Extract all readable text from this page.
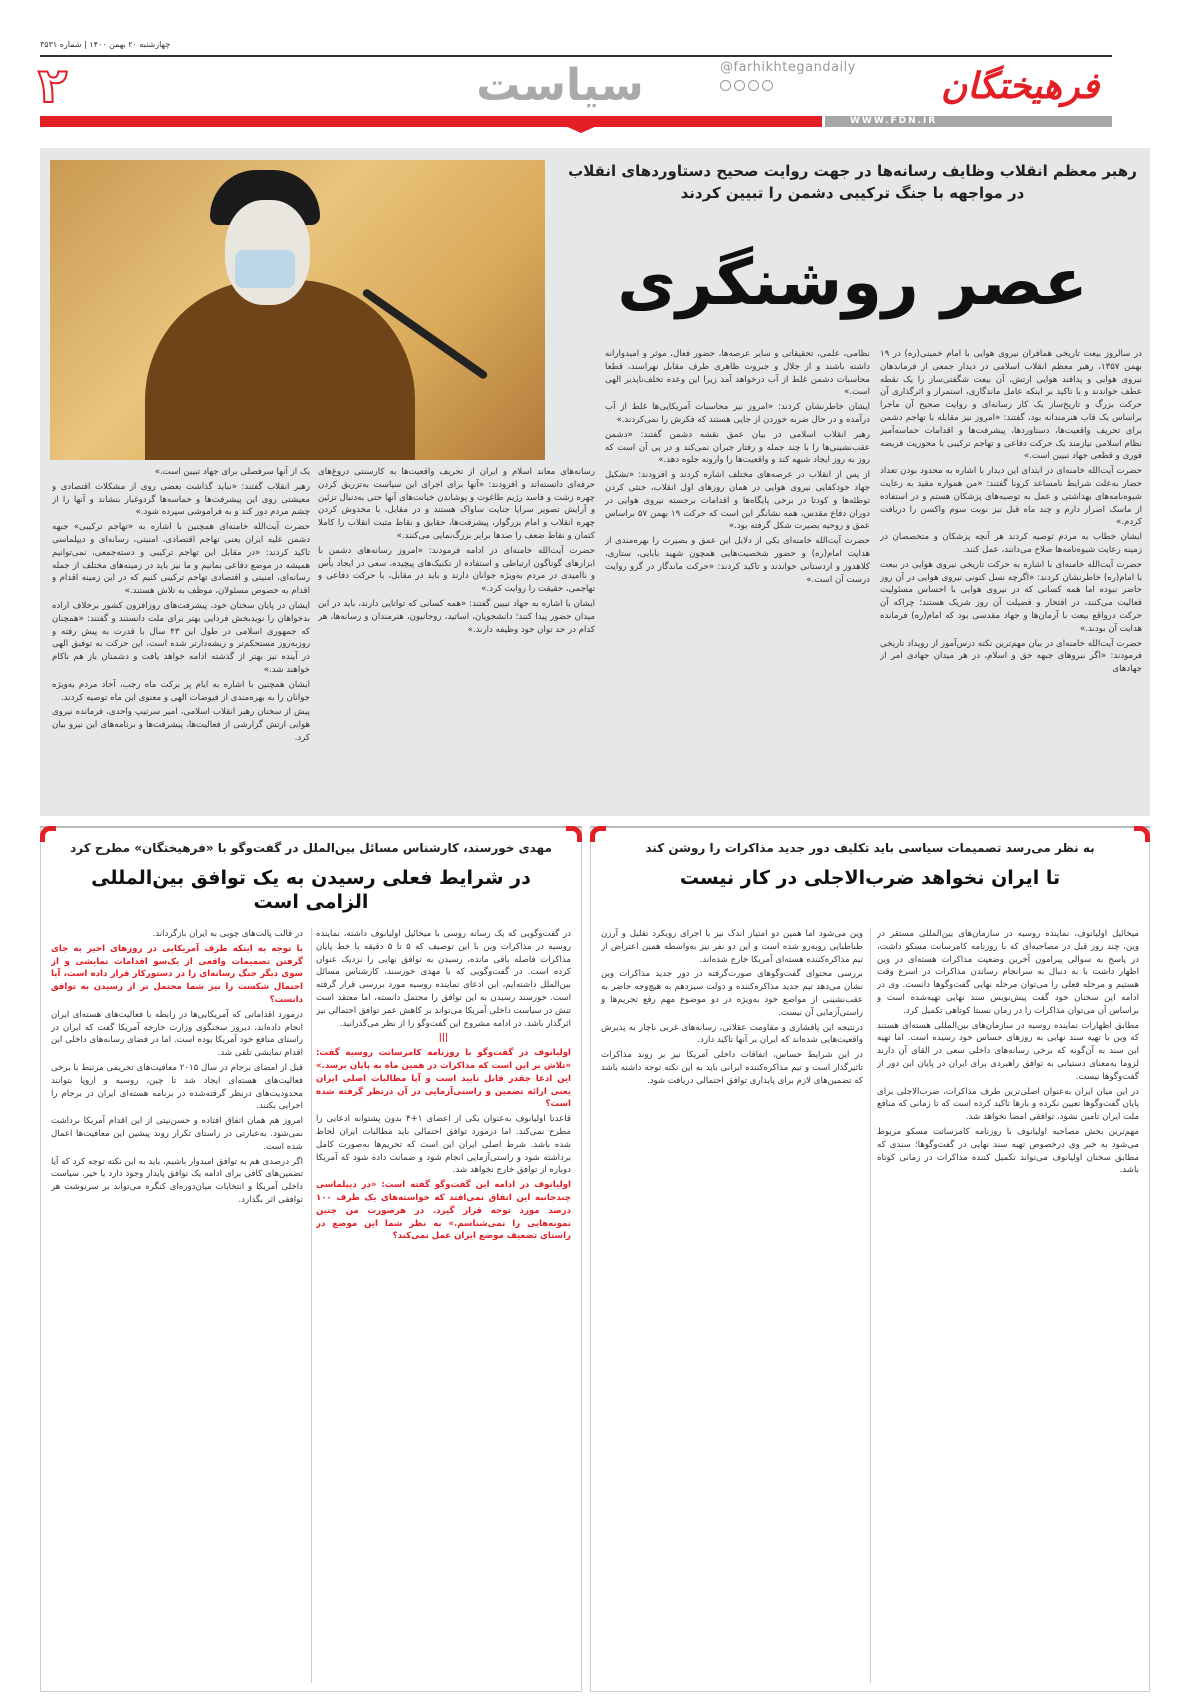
چهارشنبه ۲۰ بهمن ۱۴۰۰ | شماره ۳۵۳۱
فرهیختگان
@farhikhtegandaily
سیاست
۲
WWW.FDN.IR
رهبر معظم انقلاب وظایف رسانه‌ها در جهت روایت صحیح دستاوردهای انقلاب در مواجهه با جنگ ترکیبی دشمن را تبیین کردند
عصر روشنگری

در سالروز بیعت تاریخی همافران نیروی هوایی با امام خمینی(ره) در ۱۹ بهمن ۱۳۵۷، رهبر معظم انقلاب اسلامی در دیدار جمعی از فرماندهان نیروی هوایی و پدافند هوایی ارتش، آن بیعت شگفتی‌ساز را یک نقطه عطف خواندند و با تاکید بر اینکه عامل ماندگاری، استمرار و اثرگذاری آن حرکت بزرگ و تاریخ‌ساز یک کار رسانه‌ای و روایت صحیح آن ماجرا براساس یک قاب هنرمندانه بود، گفتند: «امروز نیز مقابله با تهاجم دشمن برای تحریف واقعیت‌ها، دستاوردها، پیشرفت‌ها و اقدامات حماسه‌آمیز نظام اسلامی نیازمند یک حرکت دفاعی و تهاجم ترکیبی با محوریت فریضه فوری و قطعی جهاد تبیین است.»

حضرت آیت‌الله خامنه‌ای در ابتدای این دیدار با اشاره به محدود بودن تعداد حضار به‌علت شرایط نامساعد کرونا گفتند: «من همواره مقید به رعایت شیوه‌نامه‌های بهداشتی و عمل به توصیه‌های پزشکان هستم و در استفاده از ماسک اصرار دارم و چند ماه قبل نیز نوبت سوم واکسن را دریافت کردم.»

ایشان خطاب به مردم توصیه کردند هر آنچه پزشکان و متخصصان در زمینه رعایت شیوه‌نامه‌ها صلاح می‌دانند، عمل کنند.

حضرت آیت‌الله خامنه‌ای با اشاره به حرکت تاریخی نیروی هوایی در بیعت با امام(ره) خاطرنشان کردند: «اگرچه نسل کنونی نیروی هوایی در آن روز حاضر نبوده اما همه کسانی که در نیروی هوایی با احساس مسئولیت فعالیت می‌کنند، در افتخار و فضیلت آن روز شریک هستند؛ چراکه آن حرکت درواقع بیعت با آرمان‌ها و جهاد مقدسی بود که امام(ره) فرمانده هدایت آن بودند.»

حضرت آیت‌الله خامنه‌ای در بیان مهم‌ترین نکته درس‌آموز از رویداد تاریخی فرمودند: «اگر نیروهای جبهه حق و اسلام، در هر میدان جهادی امر از جهادهای

نظامی، علمی، تحقیقاتی و سایر عرصه‌ها، حضور فعال، موثر و امیدوارانه داشته باشند و از جلال و جبروت ظاهری طرف مقابل نهراسند، قطعا محاسبات دشمن غلط از آب درخواهد آمد زیرا این وعده تخلف‌ناپذیر الهی است.»

ایشان خاطرنشان کردند: «امروز نیز محاسبات آمریکایی‌ها غلط از آب درآمده و در حال ضربه خوردن از جایی هستند که فکرش را نمی‌کردند.»

رهبر انقلاب اسلامی در بیان عمق نقشه دشمن گفتند: «دشمن عقب‌نشینی‌ها را با چند جمله و رفتار جبران نمی‌کند و در پی آن است که روز به روز ایجاد شبهه کند و واقعیت‌ها را وارونه جلوه دهد.»

از پس از انقلاب در عرصه‌های مختلف اشاره کردند و افزودند: «تشکیل جهاد خودکفایی نیروی هوایی در همان روزهای اول انقلاب، خنثی کردن توطئه‌ها و کودتا در برخی پایگاه‌ها و اقدامات برجسته نیروی هوایی در دوران دفاع مقدس، همه نشانگر این است که حرکت ۱۹ بهمن ۵۷ براساس عمق و روحیه بصیرت شکل گرفته بود.»

حضرت آیت‌الله خامنه‌ای یکی از دلایل این عمق و بصیرت را بهره‌مندی از هدایت امام(ره) و حضور شخصیت‌هایی همچون شهید بابایی، ستاری، کلاهدوز و اردستانی خواندند و تاکید کردند: «حرکت ماندگار در گرو روایت درست آن است.»

رسانه‌های معاند اسلام و ایران از تحریف واقعیت‌ها به کارسنتی دروغ‌های حرفه‌ای دانسته‌اند و افزودند: «آنها برای اجرای این سیاست به‌تزریق کردن چهره زشت و فاسد رژیم طاغوت و پوشاندن خیانت‌های آنها حتی به‌دنبال تزئین و آرایش تصویر سرایا جنایت ساواک هستند و در مقابل، با مخدوش کردن چهره انقلاب و امام بزرگوار، پیشرفت‌ها، حقایق و نقاط مثبت انقلاب را کاملا کتمان و نقاط ضعف را صدها برابر بزرگ‌نمایی می‌کنند.»

حضرت آیت‌الله خامنه‌ای در ادامه فرمودند: «امروز رسانه‌های دشمن با ابزارهای گوناگون ارتباطی و استفاده از تکنیک‌های پیچیده، سعی در ایجاد یأس و ناامیدی در مردم به‌ویژه جوانان دارند و باید در مقابل، با حرکت دفاعی و تهاجمی، حقیقت را روایت کرد.»

ایشان با اشاره به جهاد تبیین گفتند: «همه کسانی که توانایی دارند، باید در این میدان حضور پیدا کنند؛ دانشجویان، اساتید، روحانیون، هنرمندان و رسانه‌ها، هر کدام در حد توان خود وظیفه دارند.»

یک از آنها سرفصلی برای جهاد تبیین است.»

رهبر انقلاب گفتند: «نباید گذاشت بعضی روی از مشکلات اقتصادی و معیشتی روی این پیشرفت‌ها و حماسه‌ها گردوغبار بنشاند و آنها را از چشم مردم دور کند و به فراموشی سپرده شود.»

حضرت آیت‌الله خامنه‌ای همچنین با اشاره به «تهاجم ترکیبی» جبهه دشمن علیه ایران یعنی تهاجم اقتصادی، امنیتی، رسانه‌ای و دیپلماسی تاکید کردند: «در مقابل این تهاجم ترکیبی و دسته‌جمعی، نمی‌توانیم همیشه در موضع دفاعی بمانیم و ما نیز باید در زمینه‌های مختلف از جمله رسانه‌ای، امنیتی و اقتصادی تهاجم ترکیبی کنیم که در این زمینه اقدام و اقدام به خصوص مسئولان، موظف به تلاش هستند.»

ایشان در پایان سخنان خود، پیشرفت‌های روزافزون کشور برخلاف اراده بدخواهان را نویدبخش فردایی بهتر برای ملت دانستند و گفتند: «همچنان که جمهوری اسلامی در طول این ۴۳ سال با قدرت به پیش رفته و روزبه‌روز مستحکم‌تر و ریشه‌دارتر شده است، این حرکت به توفیق الهی در آینده نیز بهتر از گذشته ادامه خواهد یافت و دشمنان باز هم ناکام خواهند شد.»

ایشان همچنین با اشاره به ایام پر برکت ماه رجب، آحاد مردم به‌ویژه جوانان را به بهره‌مندی از فیوضات الهی و معنوی این ماه توصیه کردند.

پیش از سخنان رهبر انقلاب اسلامی، امیر سرتیپ واحدی، فرمانده نیروی هوایی ارتش گزارشی از فعالیت‌ها، پیشرفت‌ها و برنامه‌های این نیرو بیان کرد.

به نظر می‌رسد تصمیمات سیاسی باید تکلیف دور جدید مذاکرات را روشن کند
تا ایران نخواهد ضرب‌الاجلی در کار نیست

میخائیل اولیانوف، نماینده روسیه در سازمان‌های بین‌المللی مستقر در وین، چند روز قبل در مصاحبه‌ای که با روزنامه کامرسانت مسکو داشت، در پاسخ به سوالی پیرامون آخرین وضعیت مذاکرات هسته‌ای در وین اظهار داشت با به دنبال به سرانجام رساندن مذاکرات در اسرع وقت هستیم و مرحله فعلی را می‌توان مرحله نهایی گفت‌وگوها دانست. وی در ادامه این سخنان خود گفت پیش‌نویس سند نهایی تهیه‌شده است و براساس آن می‌توان مذاکرات را در زمان نسبتا کوتاهی تکمیل کرد.

مطابق اظهارات نماینده روسیه در سازمان‌های بین‌المللی هسته‌ای هستند که وین با تهیه سند نهایی به روزهای حساس خود رسیده است. اما تهیه این سند به آن‌گونه که برخی رسانه‌های داخلی سعی در القای آن دارند لزوما به‌معنای دستیابی به توافق راهبردی برای ایران در پایان این دور از گفت‌وگوها نیست.

در این میان ایران به‌عنوان اصلی‌ترین طرف مذاکرات، ضرب‌الاجلی برای پایان گفت‌وگوها تعیین نکرده و بارها تاکید کرده است که تا زمانی که منافع ملت ایران تامین نشود، توافقی امضا نخواهد شد.

مهم‌ترین بخش مصاحبه اولیانوف با روزنامه کامرسانت مسکو مربوط می‌شود به خبر وی درخصوص تهیه سند نهایی در گفت‌وگوها؛ سندی که مطابق سخنان اولیانوف می‌تواند تکمیل کننده مذاکرات در زمانی کوتاه باشد.

وین می‌شود اما همین دو امتیاز اندک نیز با اجرای رویکرد تقلیل و آرزن طباطبایی روبه‌رو شده است و این دو نفر نیز به‌واسطه همین اعتراض از تیم مذاکره‌کننده هسته‌ای آمریکا خارج شده‌اند.

بررسی محتوای گفت‌وگوهای صورت‌گرفته در دور جدید مذاکرات وین نشان می‌دهد تیم جدید مذاکره‌کننده و دولت سیزدهم به هیچ‌وجه حاضر به عقب‌نشینی از مواضع خود به‌ویژه در دو موضوع مهم رفع تحریم‌ها و راستی‌آزمایی آن نیست.

درنتیجه این پافشاری و مقاومت عقلانی، رسانه‌های غربی ناچار به پذیرش واقعیت‌هایی شده‌اند که ایران بر آنها تاکید دارد.

در این شرایط حساس، اتفاقات داخلی آمریکا نیز بر روند مذاکرات تاثیرگذار است و تیم مذاکره‌کننده ایرانی باید به این نکته توجه داشته باشد که تضمین‌های لازم برای پایداری توافق احتمالی دریافت شود.

مهدی خورسند، کارشناس مسائل بین‌الملل در گفت‌وگو با «فرهیختگان» مطرح کرد
در شرایط فعلی رسیدن به یک توافق بین‌المللی الزامی است

در گفت‌وگویی که یک رسانه روسی با میخائیل اولیانوف داشته، نماینده روسیه در مذاکرات وین با این توصیف که ۵ تا ۵ دقیقه با خط پایان مذاکرات فاصله باقی مانده، رسیدن به توافق نهایی را نزدیک عنوان کرده است. در گفت‌وگویی که با مهدی خورسند، کارشناس مسائل بین‌الملل داشته‌ایم، این ادعای نماینده روسیه مورد بررسی قرار گرفته است. خورسند رسیدن به این توافق را محتمل دانسته، اما معتقد است تنش در سیاست داخلی آمریکا می‌تواند بر کاهش عمر توافق احتمالی نیز اثرگذار باشد. در ادامه مشروح این گفت‌وگو را از نظر می‌گذرانید.

|||

اولیانوف در گفت‌وگو با روزنامه کامرسانت روسیه گفت: «تلاش بر این است که مذاکرات در همین ماه به پایان برسد.» این ادعا چقدر قابل تایید است و آیا مطالبات اصلی ایران یعنی ارائه تضمین و راستی‌آزمایی در آن درنظر گرفته شده است؟

قاعدتا اولیانوف به‌عنوان یکی از اعضای ۱+۴ بدون پشتوانه ادعایی را مطرح نمی‌کند. اما درمورد توافق احتمالی باید مطالبات ایران لحاظ شده باشد. شرط اصلی ایران این است که تحریم‌ها به‌صورت کامل برداشته شود و راستی‌آزمایی انجام شود و ضمانت داده شود که آمریکا دوباره از توافق خارج نخواهد شد.

اولیانوف در ادامه این گفت‌وگو گفته است: «در دیپلماسی چندجانبه این اتفاق نمی‌افتد که خواسته‌های یک طرف ۱۰۰ درصد مورد توجه قرار گیرد. در هرصورت من چنین نمونه‌هایی را نمی‌شناسم.» به نظر شما این موضع در راستای تضعیف موضع ایران عمل نمی‌کند؟

در قالب پالت‌های چوبی به ایران بازگرداند.

با توجه به اینکه طرف آمریکایی در روزهای اخیر به جای گرفتن تصمیمات واقعی از یک‌سو اقدامات نمایشی و از سوی دیگر جنگ رسانه‌ای را در دستورکار قرار داده است، آیا احتمال شکست را نیز شما محتمل تر از رسیدن به توافق دانست؟

درمورد اقداماتی که آمریکایی‌ها در رابطه با فعالیت‌های هسته‌ای ایران انجام داده‌اند، دیروز سخنگوی وزارت خارجه آمریکا گفت که ایران در راستای منافع خود آمریکا بوده است. اما در فضای رسانه‌های داخلی این اقدام نمایشی تلقی شد.

قبل از امضای برجام در سال ۲۰۱۵ معافیت‌های تحریمی مرتبط با برخی فعالیت‌های هسته‌ای ایجاد شد تا چین، روسیه و اروپا بتوانند محدودیت‌های درنظر گرفته‌شده در برنامه هسته‌ای ایران در برجام را اجرایی بکنند.

امروز هم همان اتفاق افتاده و حسن‌نیتی از این اقدام آمریکا برداشت نمی‌شود. به‌عبارتی در راستای تکرار روند پیشین این معافیت‌ها اعمال شده است.

اگر درصدی هم به توافق امیدوار باشیم، باید به این نکته توجه کرد که آیا تضمین‌های کافی برای ادامه یک توافق پایدار وجود دارد یا خیر. سیاست داخلی آمریکا و انتخابات میان‌دوره‌ای کنگره می‌تواند بر سرنوشت هر توافقی اثر بگذارد.
